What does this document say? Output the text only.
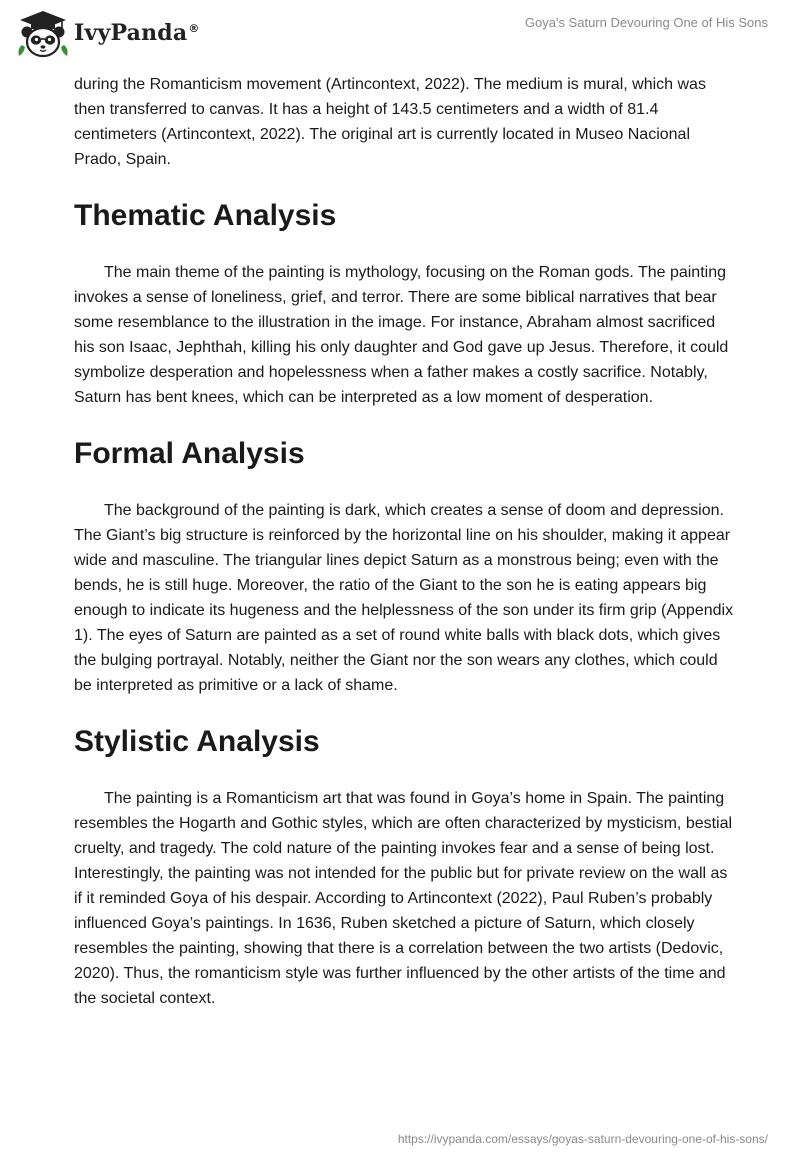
IvyPanda®	Goya's Saturn Devouring One of His Sons

during the Romanticism movement (Artincontext, 2022). The medium is mural, which was then transferred to canvas. It has a height of 143.5 centimeters and a width of 81.4 centimeters (Artincontext, 2022). The original art is currently located in Museo Nacional Prado, Spain.

Thematic Analysis

The main theme of the painting is mythology, focusing on the Roman gods. The painting invokes a sense of loneliness, grief, and terror. There are some biblical narratives that bear some resemblance to the illustration in the image. For instance, Abraham almost sacrificed his son Isaac, Jephthah, killing his only daughter and God gave up Jesus. Therefore, it could symbolize desperation and hopelessness when a father makes a costly sacrifice. Notably, Saturn has bent knees, which can be interpreted as a low moment of desperation.

Formal Analysis

The background of the painting is dark, which creates a sense of doom and depression. The Giant’s big structure is reinforced by the horizontal line on his shoulder, making it appear wide and masculine. The triangular lines depict Saturn as a monstrous being; even with the bends, he is still huge. Moreover, the ratio of the Giant to the son he is eating appears big enough to indicate its hugeness and the helplessness of the son under its firm grip (Appendix 1). The eyes of Saturn are painted as a set of round white balls with black dots, which gives the bulging portrayal. Notably, neither the Giant nor the son wears any clothes, which could be interpreted as primitive or a lack of shame.

Stylistic Analysis

The painting is a Romanticism art that was found in Goya’s home in Spain. The painting resembles the Hogarth and Gothic styles, which are often characterized by mysticism, bestial cruelty, and tragedy. The cold nature of the painting invokes fear and a sense of being lost. Interestingly, the painting was not intended for the public but for private review on the wall as if it reminded Goya of his despair. According to Artincontext (2022), Paul Ruben’s probably influenced Goya’s paintings. In 1636, Ruben sketched a picture of Saturn, which closely resembles the painting, showing that there is a correlation between the two artists (Dedovic, 2020). Thus, the romanticism style was further influenced by the other artists of the time and the societal context.

https://ivypanda.com/essays/goyas-saturn-devouring-one-of-his-sons/
